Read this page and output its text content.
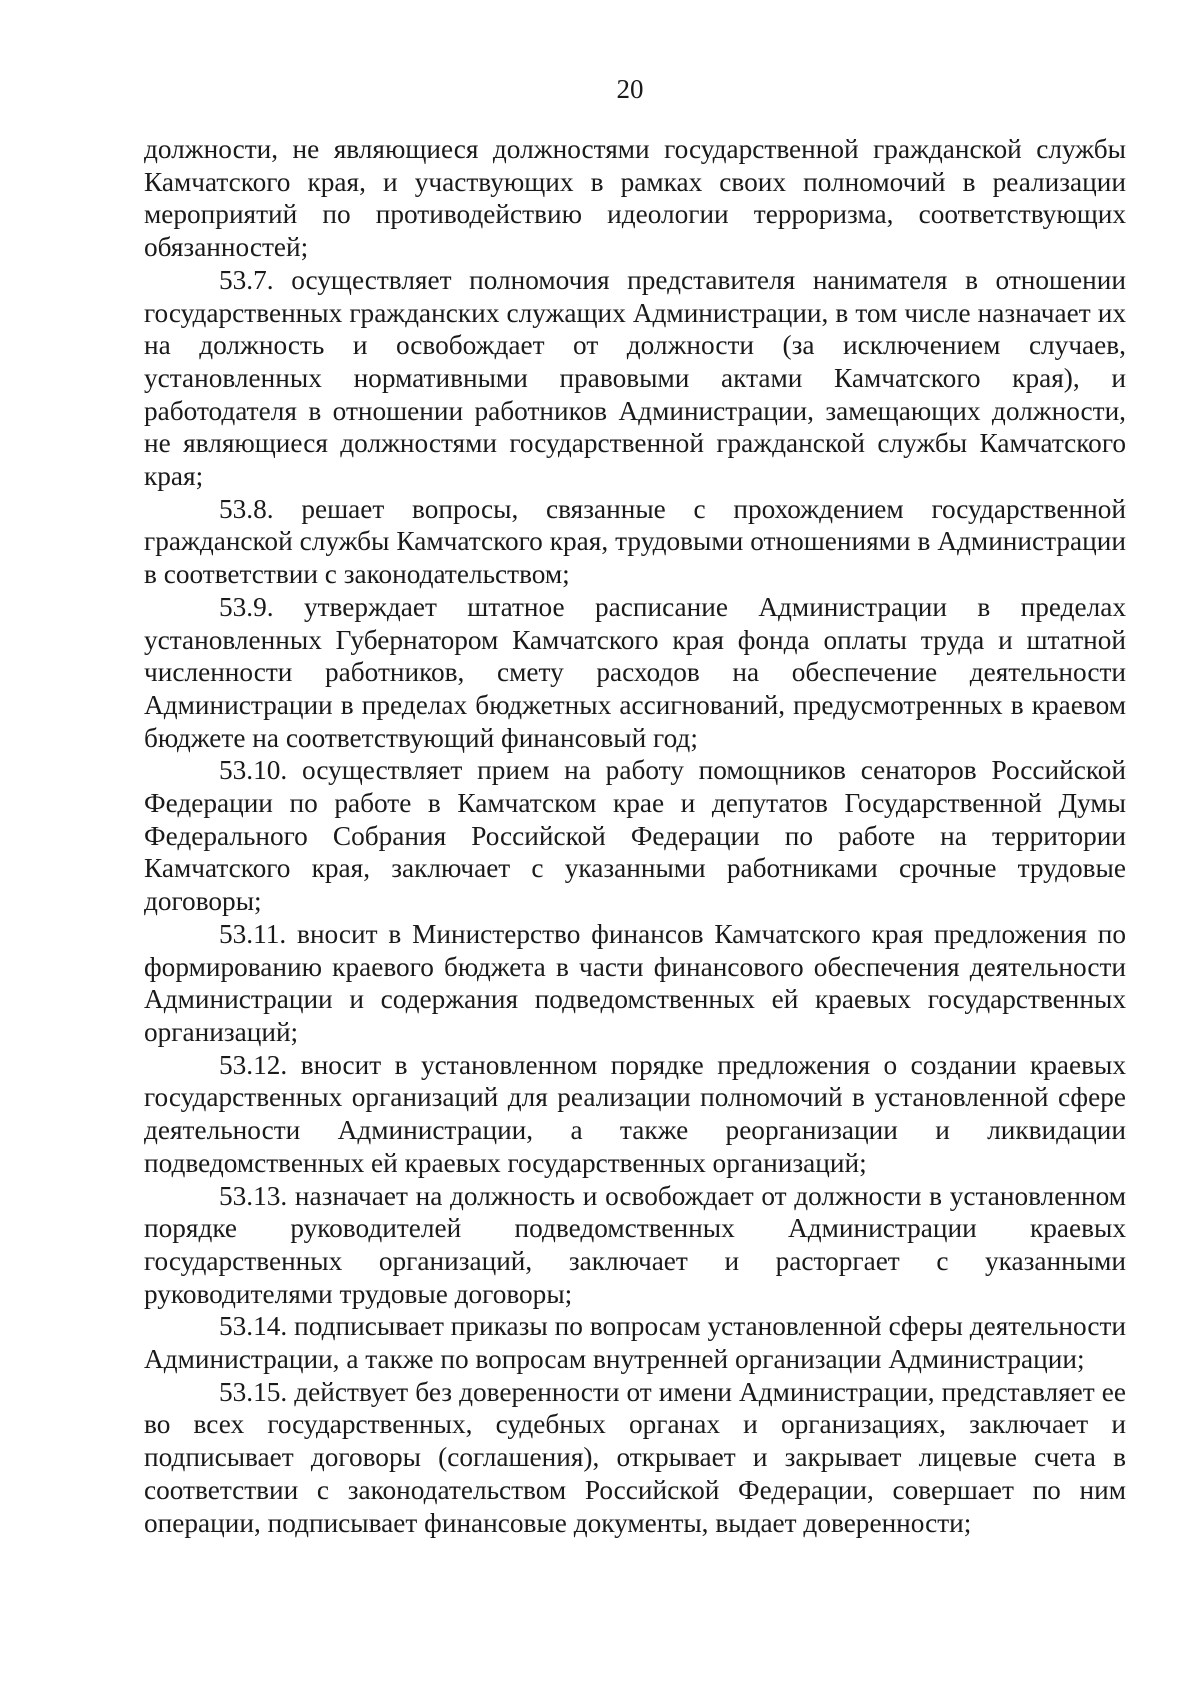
20

должности, не являющиеся должностями государственной гражданской службы Камчатского края, и участвующих в рамках своих полномочий в реализации мероприятий по противодействию идеологии терроризма, соответствующих обязанностей;

53.7. осуществляет полномочия представителя нанимателя в отношении государственных гражданских служащих Администрации, в том числе назначает их на должность и освобождает от должности (за исключением случаев, установленных нормативными правовыми актами Камчатского края), и работодателя в отношении работников Администрации, замещающих должности, не являющиеся должностями государственной гражданской службы Камчатского края;

53.8. решает вопросы, связанные с прохождением государственной гражданской службы Камчатского края, трудовыми отношениями в Администрации в соответствии с законодательством;

53.9. утверждает штатное расписание Администрации в пределах установленных Губернатором Камчатского края фонда оплаты труда и штатной численности работников, смету расходов на обеспечение деятельности Администрации в пределах бюджетных ассигнований, предусмотренных в краевом бюджете на соответствующий финансовый год;

53.10. осуществляет прием на работу помощников сенаторов Российской Федерации по работе в Камчатском крае и депутатов Государственной Думы Федерального Собрания Российской Федерации по работе на территории Камчатского края, заключает с указанными работниками срочные трудовые договоры;

53.11. вносит в Министерство финансов Камчатского края предложения по формированию краевого бюджета в части финансового обеспечения деятельности Администрации и содержания подведомственных ей краевых государственных организаций;

53.12. вносит в установленном порядке предложения о создании краевых государственных организаций для реализации полномочий в установленной сфере деятельности Администрации, а также реорганизации и ликвидации подведомственных ей краевых государственных организаций;

53.13. назначает на должность и освобождает от должности в установленном порядке руководителей подведомственных Администрации краевых государственных организаций, заключает и расторгает с указанными руководителями трудовые договоры;

53.14. подписывает приказы по вопросам установленной сферы деятельности Администрации, а также по вопросам внутренней организации Администрации;

53.15. действует без доверенности от имени Администрации, представляет ее во всех государственных, судебных органах и организациях, заключает и подписывает договоры (соглашения), открывает и закрывает лицевые счета в соответствии с законодательством Российской Федерации, совершает по ним операции, подписывает финансовые документы, выдает доверенности;
